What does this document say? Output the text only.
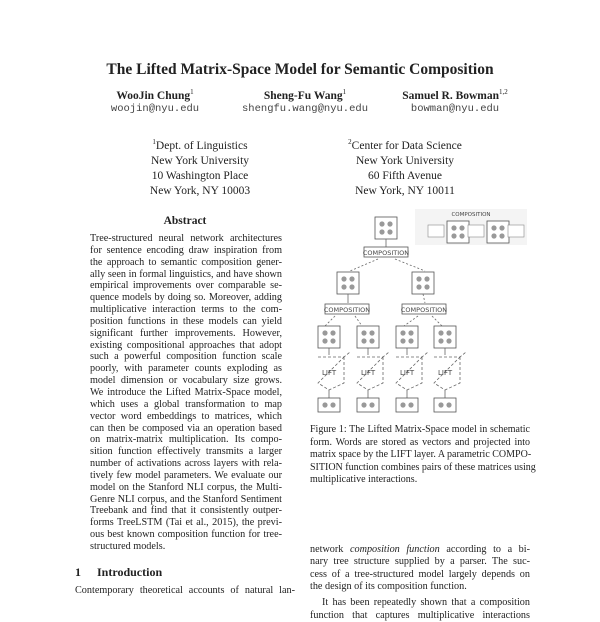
The Lifted Matrix-Space Model for Semantic Composition
WooJin Chung$^1$	Sheng-Fu Wang$^1$	Samuel R. Bowman$^{1,2}$
woojin@nyu.edu	shengfu.wang@nyu.edu	bowman@nyu.edu
$^1$Dept. of Linguistics
New York University
10 Washington Place
New York, NY 10003
$^2$Center for Data Science
New York University
60 Fifth Avenue
New York, NY 10011
Abstract
Tree-structured neural network architectures
for sentence encoding draw inspiration from
the approach to semantic composition gener-
ally seen in formal linguistics, and have shown
empirical improvements over comparable se-
quence models by doing so. Moreover, adding
multiplicative interaction terms to the com-
position functions in these models can yield
significant further improvements. However,
existing compositional approaches that adopt
such a powerful composition function scale
poorly, with parameter counts exploding as
model dimension or vocabulary size grows.
We introduce the Lifted Matrix-Space model,
which uses a global transformation to map
vector word embeddings to matrices, which
can then be composed via an operation based
on matrix-matrix multiplication. Its compo-
sition function effectively transmits a larger
number of activations across layers with rela-
tively few model parameters. We evaluate our
model on the Stanford NLI corpus, the Multi-
Genre NLI corpus, and the Stanford Sentiment
Treebank and find that it consistently outper-
forms TreeLSTM (Tai et al., 2015), the previ-
ous best known composition function for tree-
structured models.
1 Introduction
Contemporary theoretical accounts of natural lan-
COMPOSITION
COMPOSITION	COMPOSITION
LIFT	LIFT	LIFT	LIFT
COMPOSITION
Figure 1: The Lifted Matrix-Space model in schematic
form. Words are stored as vectors and projected into
matrix space by the LIFT layer. A parametric COMPO-
SITION function combines pairs of these matrices using
multiplicative interactions.
network composition function according to a bi-
nary tree structure supplied by a parser. The suc-
cess of a tree-structured model largely depends on
the design of its composition function.
It has been repeatedly shown that a composition
function that captures multiplicative interactions
